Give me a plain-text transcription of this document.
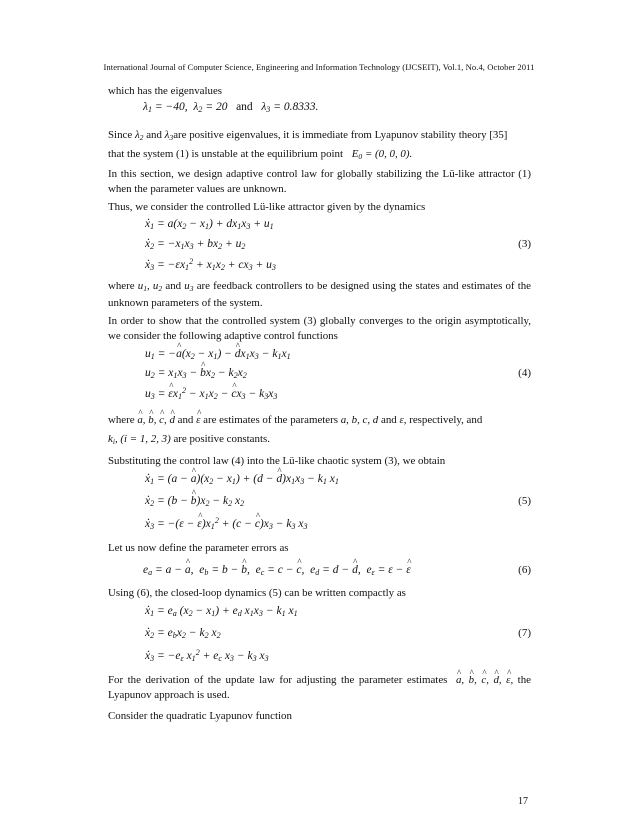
International Journal of Computer Science, Engineering and Information Technology (IJCSEIT), Vol.1, No.4, October 2011
which has the eigenvalues
$\lambda_1 = -40$,  $\lambda_2 = 20$   and   $\lambda_3 = 0.8333$.
Since $\lambda_2$ and $\lambda_3are$ positive eigenvalues, it is immediate from Lyapunov stability theory [35]
that the system (1) is unstable at the equilibrium point $E_0 = (0$, 0, 0).
In this section, we design adaptive control law for globally stabilizing the Lü-like attractor (1) when the parameter values are unknown.
Thus, we consider the controlled Lü-like attractor given by the dynamics
. $x_1 = a(x_2 - x_1) + dx_1x_3 + u_1$
. $x_2 = -x_1x_3 + bx_2 + u_2$
. $x_3 = -\varepsilon x_1^2 + x_1x_2 + cx_3 + u_3$
(3)
where $u_1$, $u_2$ and $u_3$ are feedback controllers to be designed using the states and estimates of the unknown parameters of the system.
In order to show that the controlled system (3) globally converges to the origin asymptotically, we consider the following adaptive control functions
$u_1$ = −^ $a(x_2 - x_1)$ − ^ $dx_1x_3 - k_1x_1$
$u_2 = x_1x_3$ − ^ $bx_2 - k_2x_2$
$u_3$ = ^ $\varepsilon x_1^2 - x_1x_2$ − ^ $cx_3 - k_3x_3$
(4)
where ^ a, ^ b, ^ c, ^ d and ^ ε are estimates of the parameters a, b, c, d and ε, respectively, and
$k_i$, (i = 1, 2, 3) are positive constants.
Substituting the control law (4) into the Lü-like chaotic system (3), we obtain
. $x_1 = (a$ − ^ $a)(x_2 - x_1) + (d$ − ^ $d)x_1x_3 - k_1$ $x_1$
. $x_2 = (b$ − ^ $b)x_2 - k_2$ $x_2$
. $x_3 = -(\varepsilon$ − ^ $\varepsilon)x_1^2 + (c$ − ^ $c)x_3 - k_3$ $x_3$
(5)
Let us now define the parameter errors as
$e_a = a$ − ^ a,  $e_b = b$ − ^ b,  $e_c = c$ − ^ c,  $e_d = d$ − ^ d,  $e_\varepsilon = \varepsilon$ − ^ ε	(6)
Using (6), the closed-loop dynamics (5) can be written compactly as
. $x_1 = e_a$ $(x_2 - x_1) + e_d$ $x_1x_3 - k_1$ $x_1$
. $x_2 = e_bx_2 - k_2$ $x_2$
. $x_3 = -e_\varepsilon$ $x_1^2 + e_c$ $x_3 - k_3$ $x_3$
(7)
For the derivation of the update law for adjusting the parameter estimates ^ a, ^ b, ^ c, ^ d, ^ ε, the Lyapunov approach is used.
Consider the quadratic Lyapunov function
17
